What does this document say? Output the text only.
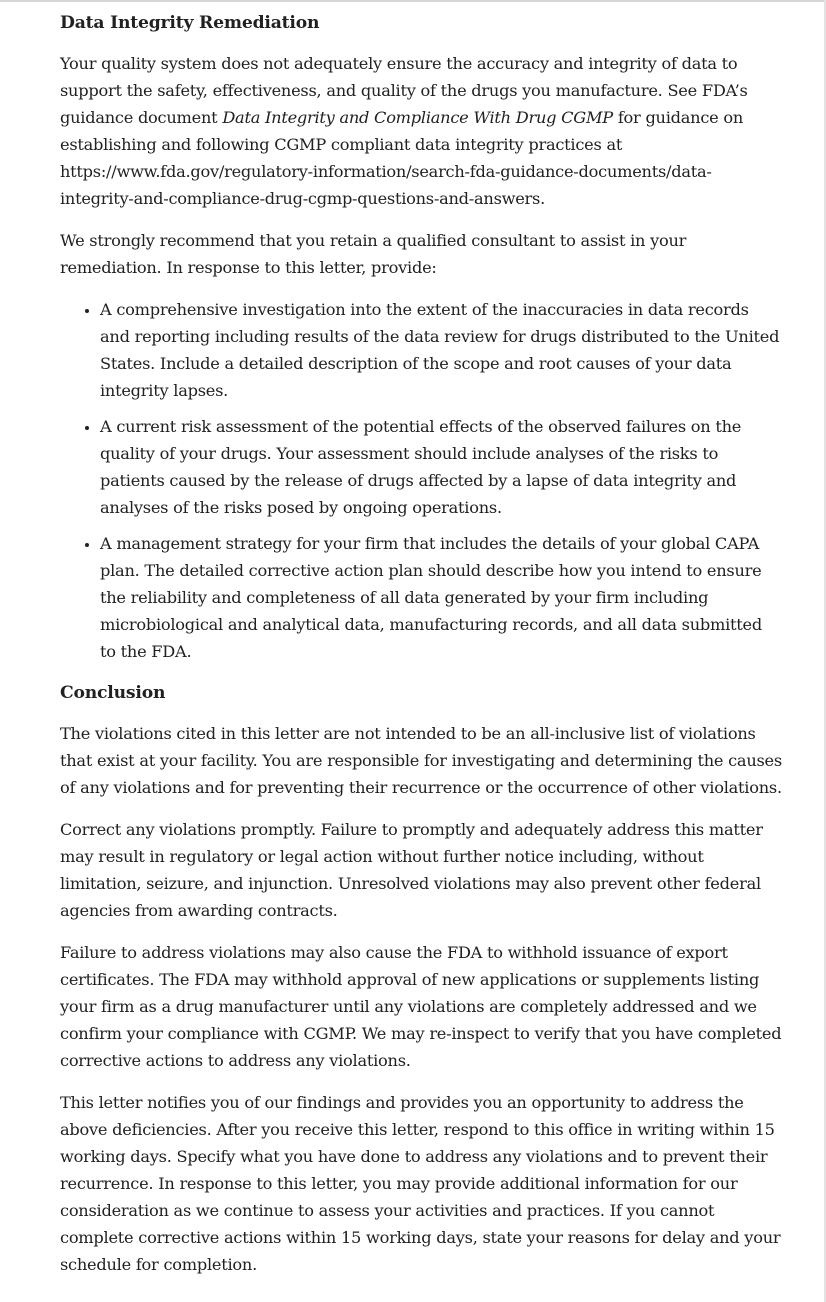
Data Integrity Remediation

Your quality system does not adequately ensure the accuracy and integrity of data to support the safety, effectiveness, and quality of the drugs you manufacture. See FDA’s guidance document Data Integrity and Compliance With Drug CGMP for guidance on establishing and following CGMP compliant data integrity practices at https://www.fda.gov/regulatory-information/search-fda-guidance-documents/data-integrity-and-compliance-drug-cgmp-questions-and-answers.

We strongly recommend that you retain a qualified consultant to assist in your remediation. In response to this letter, provide:

• A comprehensive investigation into the extent of the inaccuracies in data records and reporting including results of the data review for drugs distributed to the United States. Include a detailed description of the scope and root causes of your data integrity lapses.
• A current risk assessment of the potential effects of the observed failures on the quality of your drugs. Your assessment should include analyses of the risks to patients caused by the release of drugs affected by a lapse of data integrity and analyses of the risks posed by ongoing operations.
• A management strategy for your firm that includes the details of your global CAPA plan. The detailed corrective action plan should describe how you intend to ensure the reliability and completeness of all data generated by your firm including microbiological and analytical data, manufacturing records, and all data submitted to the FDA.
Conclusion

The violations cited in this letter are not intended to be an all-inclusive list of violations that exist at your facility. You are responsible for investigating and determining the causes of any violations and for preventing their recurrence or the occurrence of other violations.

Correct any violations promptly. Failure to promptly and adequately address this matter may result in regulatory or legal action without further notice including, without limitation, seizure, and injunction. Unresolved violations may also prevent other federal agencies from awarding contracts.

Failure to address violations may also cause the FDA to withhold issuance of export certificates. The FDA may withhold approval of new applications or supplements listing your firm as a drug manufacturer until any violations are completely addressed and we confirm your compliance with CGMP. We may re-inspect to verify that you have completed corrective actions to address any violations.

This letter notifies you of our findings and provides you an opportunity to address the above deficiencies. After you receive this letter, respond to this office in writing within 15 working days. Specify what you have done to address any violations and to prevent their recurrence. In response to this letter, you may provide additional information for our consideration as we continue to assess your activities and practices. If you cannot complete corrective actions within 15 working days, state your reasons for delay and your schedule for completion.
